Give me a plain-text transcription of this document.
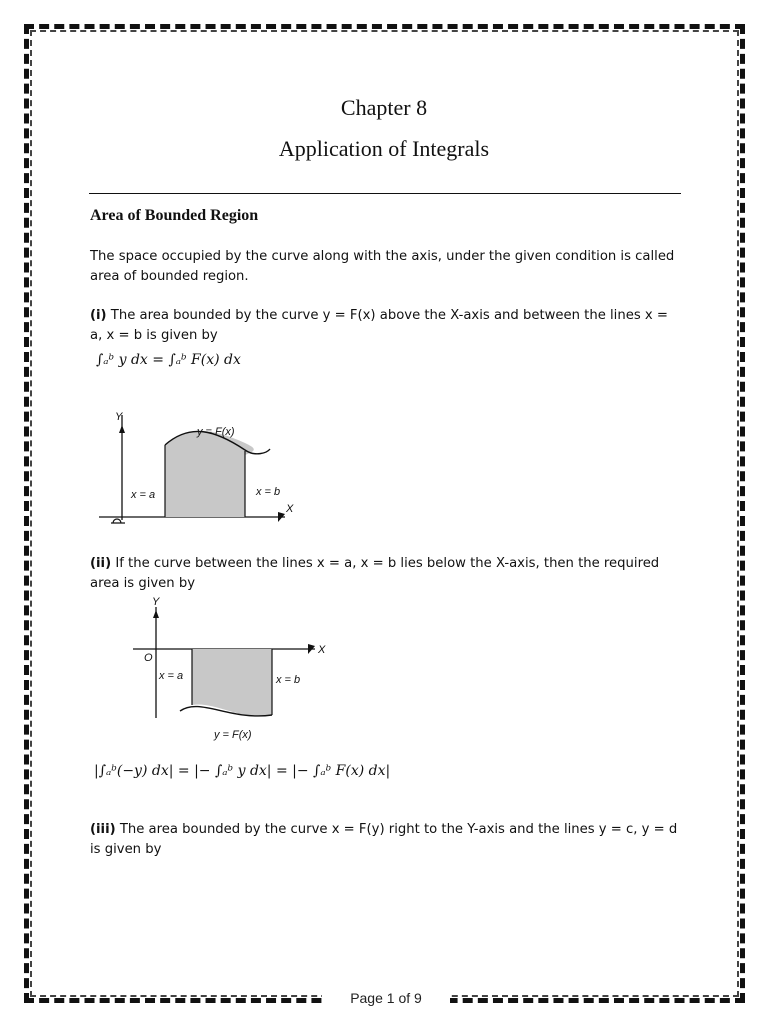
Chapter 8
Application of Integrals
Area of Bounded Region
The space occupied by the curve along with the axis, under the given condition is called area of bounded region.
(i) The area bounded by the curve y = F(x) above the X-axis and between the lines x = a, x = b is given by
∫ₐᵇ y dx = ∫ₐᵇ F(x) dx
Y
X
y = F(x)
x = a	x = b
(ii) If the curve between the lines x = a, x = b lies below the X-axis, then the required area is given by
Y
X
O
x = a	x = b
y = F(x)
|∫ₐᵇ(−y) dx| = |− ∫ₐᵇ y dx| = |− ∫ₐᵇ F(x) dx|
(iii) The area bounded by the curve x = F(y) right to the Y-axis and the lines y = c, y = d is given by
Page 1 of 9
